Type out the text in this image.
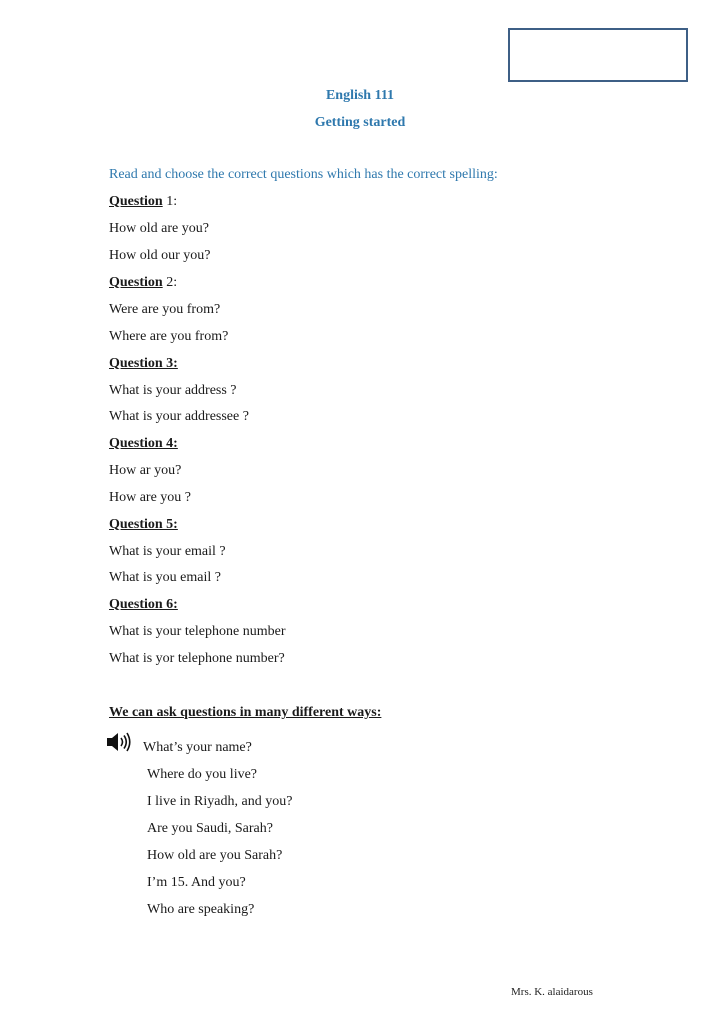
English 111
Getting started
Read and choose the correct questions which has the correct spelling:
Question 1:
How old are you?
How old our you?
Question 2:
Were are you from?
Where are you from?
Question 3:
What is your address ?
What is your addressee ?
Question 4:
How ar you?
How are you ?
Question 5:
What is your email ?
What is you email ?
Question 6:
What is your telephone number
What is yor telephone number?
We can ask questions in many different ways:
What’s your name?
Where do you live?
I live in Riyadh, and you?
Are you Saudi, Sarah?
How old are you Sarah?
I’m 15. And you?
Who are speaking?
Mrs. K. alaidarous
